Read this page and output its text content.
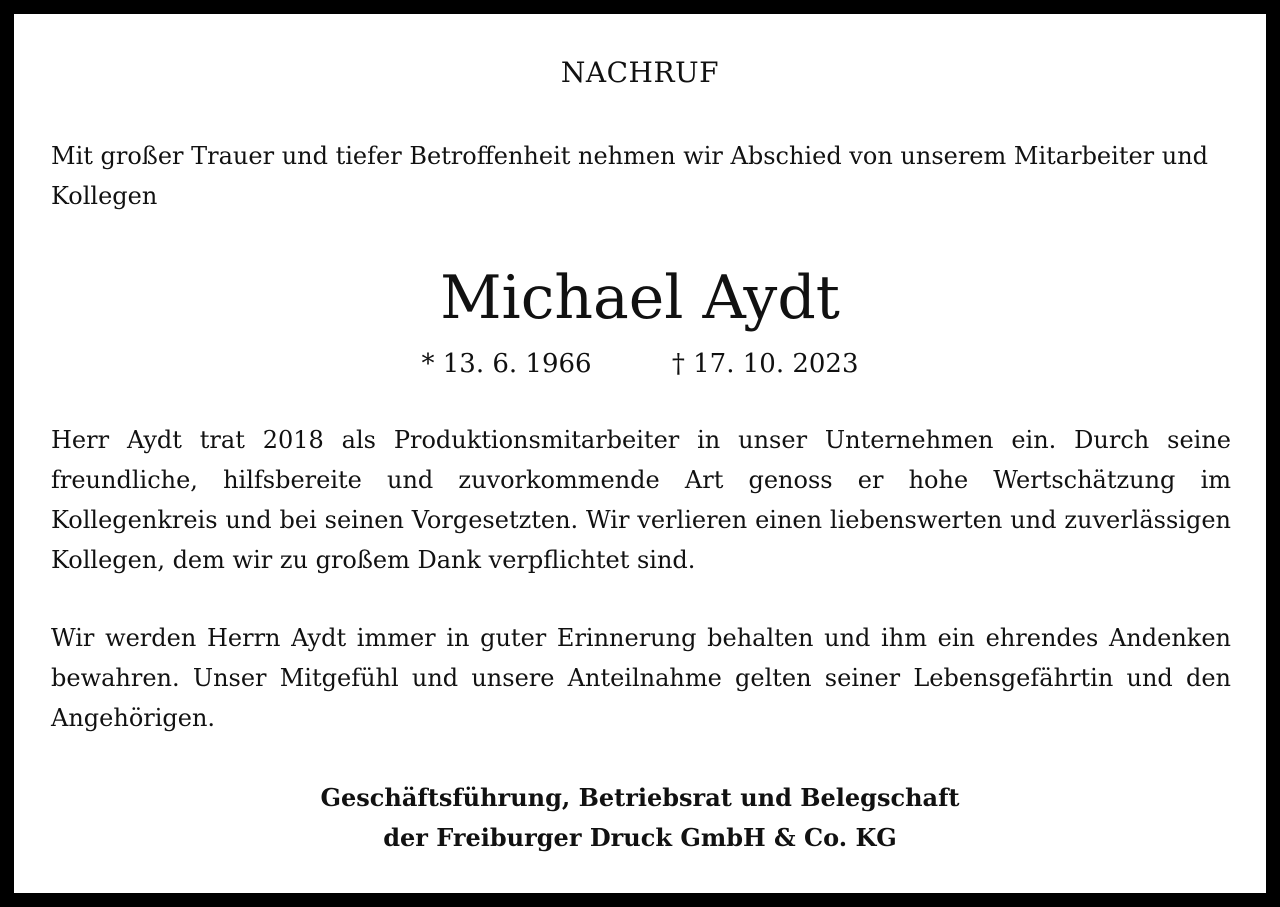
NACHRUF

Mit großer Trauer und tiefer Betroffenheit nehmen wir Abschied von unserem Mitarbeiter und Kollegen

Michael Aydt
* 13. 6. 1966	† 17. 10. 2023

Herr Aydt trat 2018 als Produktionsmitarbeiter in unser Unternehmen ein. Durch seine freundliche, hilfsbereite und zuvorkommende Art genoss er hohe Wertschätzung im Kollegenkreis und bei seinen Vorgesetzten. Wir verlieren einen liebenswerten und zuverlässigen Kollegen, dem wir zu großem Dank verpflichtet sind.

Wir werden Herrn Aydt immer in guter Erinnerung behalten und ihm ein ehrendes Andenken bewahren. Unser Mitgefühl und unsere Anteilnahme gelten seiner Lebensgefährtin und den Angehörigen.

Geschäftsführung, Betriebsrat und Belegschaft
der Freiburger Druck GmbH & Co. KG
